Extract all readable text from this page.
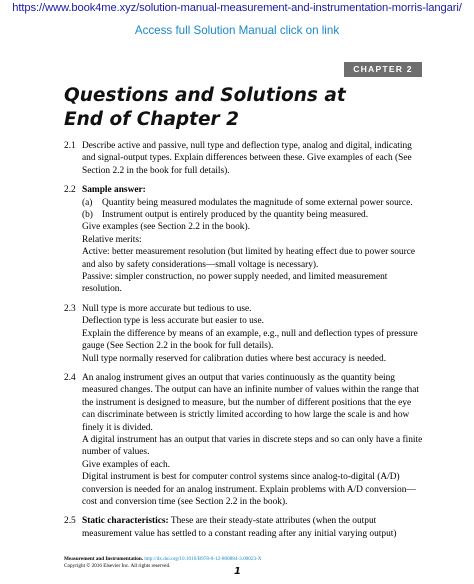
https://www.book4me.xyz/solution-manual-measurement-and-instrumentation-morris-langari/
Access full Solution Manual click on link
CHAPTER 2
Questions and Solutions at
End of Chapter 2
2.1 Describe active and passive, null type and deflection type, analog and digital, indicating and signal-output types. Explain differences between these. Give examples of each (See Section 2.2 in the book for full details).

2.2 Sample answer:

(a) Quantity being measured modulates the magnitude of some external power source.

(b) Instrument output is entirely produced by the quantity being measured.

Give examples (see Section 2.2 in the book).

Relative merits:

Active: better measurement resolution (but limited by heating effect due to power source and also by safety considerations—small voltage is necessary).

Passive: simpler construction, no power supply needed, and limited measurement resolution.

2.3 Null type is more accurate but tedious to use.

Deflection type is less accurate but easier to use.

Explain the difference by means of an example, e.g., null and deflection types of pressure gauge (See Section 2.2 in the book for full details).

Null type normally reserved for calibration duties where best accuracy is needed.

2.4 An analog instrument gives an output that varies continuously as the quantity being measured changes. The output can have an infinite number of values within the range that the instrument is designed to measure, but the number of different positions that the eye can discriminate between is strictly limited according to how large the scale is and how finely it is divided.

A digital instrument has an output that varies in discrete steps and so can only have a finite number of values.

Give examples of each.

Digital instrument is best for computer control systems since analog-to-digital (A/D) conversion is needed for an analog instrument. Explain problems with A/D conversion—cost and conversion time (see Section 2.2 in the book).

2.5 Static characteristics: These are their steady-state attributes (when the output measurement value has settled to a constant reading after any initial varying output)

Measurement and Instrumentation. http://dx.doi.org/10.1016/B978-0-12-800884-3.00023-X
Copyright © 2016 Elsevier Inc. All rights reserved.
1
